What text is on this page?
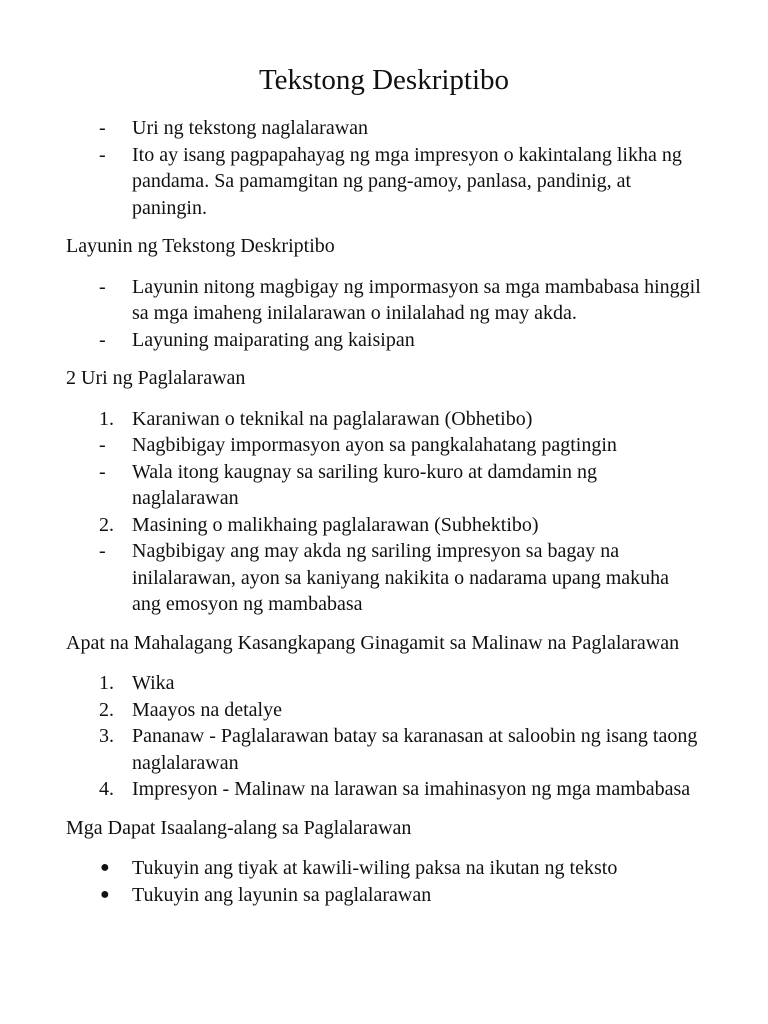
Tekstong Deskriptibo
-	Uri ng tekstong naglalarawan
-	Ito ay isang pagpapahayag ng mga impresyon o kakintalang likha ng pandama. Sa pamamgitan ng pang-amoy, panlasa, pandinig, at paningin.
Layunin ng Tekstong Deskriptibo
-	Layunin nitong magbigay ng impormasyon sa mga mambabasa hinggil sa mga imaheng inilalarawan o inilalahad ng may akda.
-	Layuning maiparating ang kaisipan
2 Uri ng Paglalarawan
1. Karaniwan o teknikal na paglalarawan (Obhetibo)
-	Nagbibigay impormasyon ayon sa pangkalahatang pagtingin
-	Wala itong kaugnay sa sariling kuro-kuro at damdamin ng naglalarawan
2. Masining o malikhaing paglalarawan (Subhektibo)
-	Nagbibigay ang may akda ng sariling impresyon sa bagay na inilalarawan, ayon sa kaniyang nakikita o nadarama upang makuha ang emosyon ng mambabasa
Apat na Mahalagang Kasangkapang Ginagamit sa Malinaw na Paglalarawan
1. Wika
2. Maayos na detalye
3. Pananaw - Paglalarawan batay sa karanasan at saloobin ng isang taong naglalarawan
4. Impresyon - Malinaw na larawan sa imahinasyon ng mga mambabasa
Mga Dapat Isaalang-alang sa Paglalarawan
●	Tukuyin ang tiyak at kawili-wiling paksa na ikutan ng teksto
●	Tukuyin ang layunin sa paglalarawan
